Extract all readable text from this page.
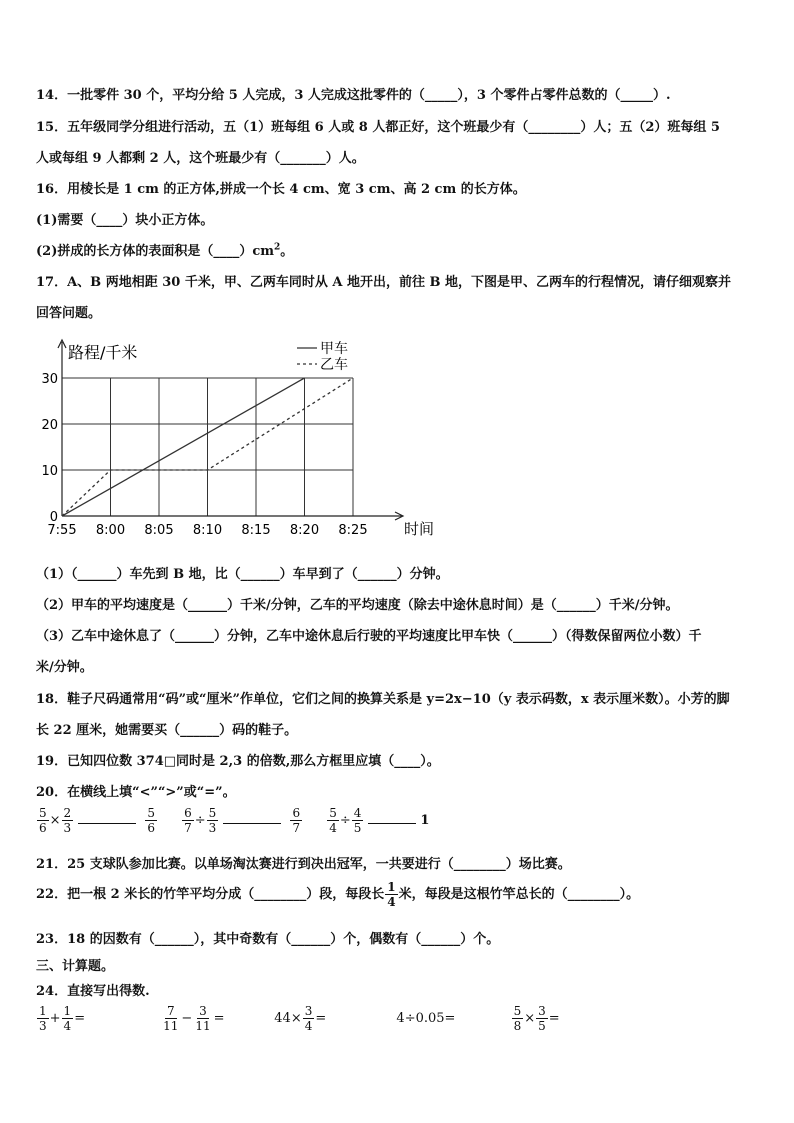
14．一批零件 30 个，平均分给 5 人完成，3 人完成这批零件的（_____），3 个零件占零件总数的（_____）.
15．五年级同学分组进行活动，五（1）班每组 6 人或 8 人都正好，这个班最少有（________）人；五（2）班每组 5
人或每组 9 人都剩 2 人，这个班最少有（_______）人。
16．用棱长是 1 cm 的正方体,拼成一个长 4 cm、宽 3 cm、高 2 cm 的长方体。
(1)需要（____）块小正方体。
(2)拼成的长方体的表面积是$(\_\_\_\_)cm^2$。
17．A、B 两地相距 30 千米，甲、乙两车同时从 A 地开出，前往 B 地，下图是甲、乙两车的行程情况，请仔细观察并
回答问题。
路程/千米
时间
0
10
20
30
7:55 8:00 8:05 8:10 8:15 8:20 8:25
甲车
乙车
（1）（______）车先到 B 地，比（______）车早到了（______）分钟。
（2）甲车的平均速度是（______）千米/分钟，乙车的平均速度（除去中途休息时间）是（______）千米/分钟。
（3）乙车中途休息了（______）分钟，乙车中途休息后行驶的平均速度比甲车快（______）（得数保留两位小数）千
米/分钟。
18．鞋子尺码通常用“码”或“厘米”作单位，它们之间的换算关系是 y=2x−10（y 表示码数，x 表示厘米数）。小芳的脚
长 22 厘米，她需要买（______）码的鞋子。
19．已知四位数 374□同时是 2,3 的倍数,那么方框里应填（____）。
20．在横线上填“<”“>”或“=”。
$\frac{5}{6} \times \frac{2}{3}$
	$\frac{5}{6}$
$\frac{6}{7} \div \frac{5}{3}$
	$\frac{6}{7}$
$\frac{5}{4} \div \frac{4}{5}$	1
21．25 支球队参加比赛。以单场淘汰赛进行到决出冠军，一共要进行（________）场比赛。
22．把一根 2 米长的竹竿平均分成（________）段，每段长 $\frac{1}{4}$ 米，每段是这根竹竿总长的（________）。
23．18 的因数有（______），其中奇数有（______）个，偶数有（______）个。
三、计算题。
24．直接写出得数.
$\frac{1}{3} + \frac{1}{4}$ =	$\frac{7}{11} - \frac{3}{11}$ =	$44\times \frac{3}{4}$ =	4÷0.05=	$\frac{5}{8} \times \frac{3}{5}$ =
